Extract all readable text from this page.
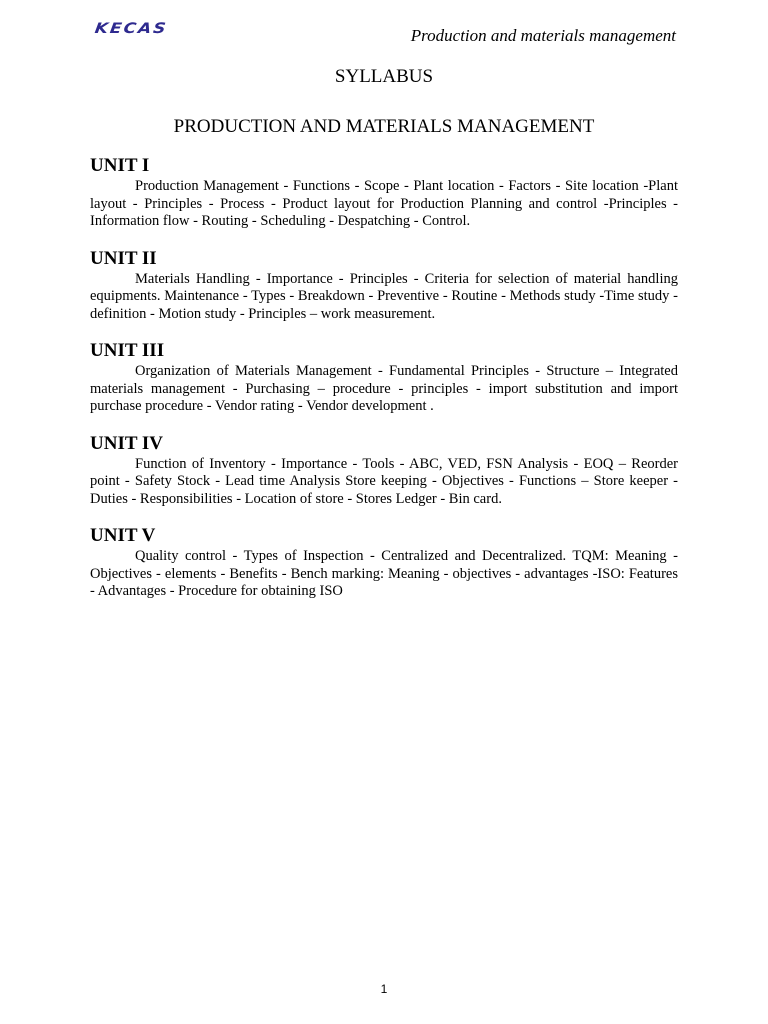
KECAS	Production and materials management

SYLLABUS

PRODUCTION AND MATERIALS MANAGEMENT

UNIT I

Production Management - Functions - Scope - Plant location - Factors - Site location -Plant layout - Principles - Process - Product layout for Production Planning and control -Principles - Information flow - Routing - Scheduling - Despatching - Control.

UNIT II

Materials Handling - Importance - Principles - Criteria for selection of material handling equipments. Maintenance - Types - Breakdown - Preventive - Routine - Methods study -Time study - definition - Motion study - Principles – work measurement.

UNIT III

Organization of Materials Management - Fundamental Principles - Structure – Integrated materials management - Purchasing – procedure - principles - import substitution and import purchase procedure - Vendor rating - Vendor development .

UNIT IV

Function of Inventory - Importance - Tools - ABC, VED, FSN Analysis - EOQ – Reorder point - Safety Stock - Lead time Analysis Store keeping - Objectives - Functions – Store keeper - Duties - Responsibilities - Location of store - Stores Ledger - Bin card.

UNIT V

Quality control - Types of Inspection - Centralized and Decentralized. TQM: Meaning - Objectives - elements - Benefits - Bench marking: Meaning - objectives - advantages -ISO: Features - Advantages - Procedure for obtaining ISO

1
